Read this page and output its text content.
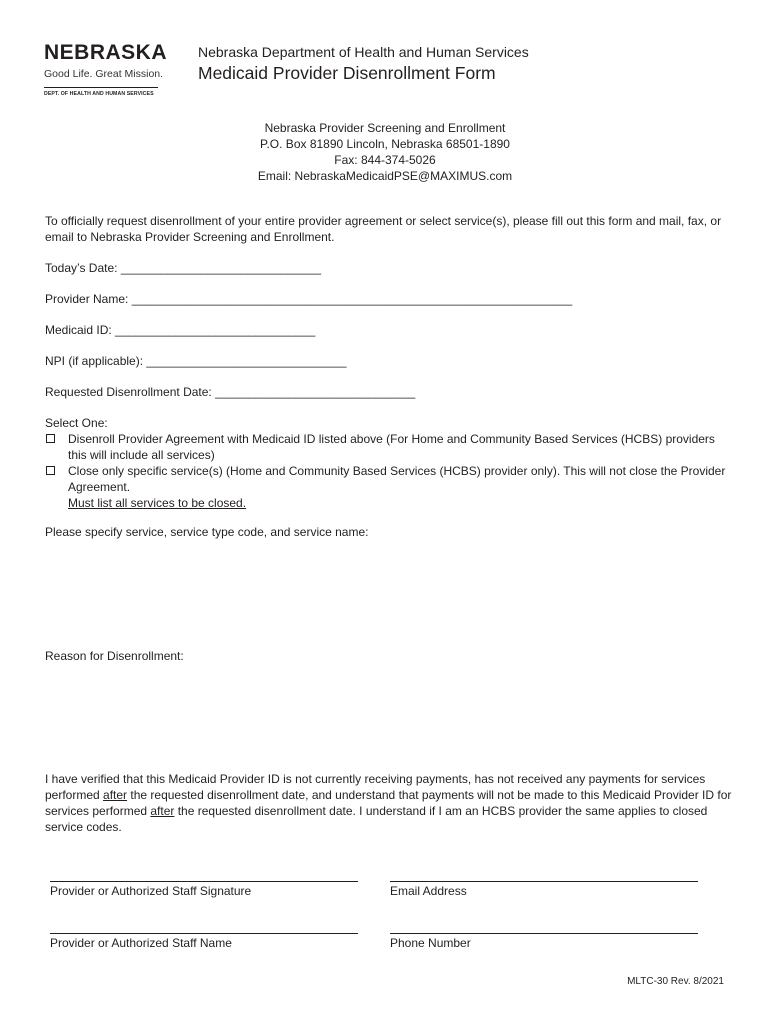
NEBRASKA
Good Life. Great Mission.
DEPT. OF HEALTH AND HUMAN SERVICES
Nebraska Department of Health and Human Services
Medicaid Provider Disenrollment Form
Nebraska Provider Screening and Enrollment
P.O. Box 81890 Lincoln, Nebraska 68501-1890
Fax: 844-374-5026
Email: NebraskaMedicaidPSE@MAXIMUS.com
To officially request disenrollment of your entire provider agreement or select service(s), please fill out this form and mail, fax, or email to Nebraska Provider Screening and Enrollment.
Today’s Date: ______________________________
Provider Name: __________________________________________________________________
Medicaid ID: ______________________________
NPI (if applicable): ______________________________
Requested Disenrollment Date: ______________________________
Select One:
Disenroll Provider Agreement with Medicaid ID listed above (For Home and Community Based Services (HCBS) providers this will include all services)
Close only specific service(s) (Home and Community Based Services (HCBS) provider only). This will not close the Provider Agreement.
Must list all services to be closed.
Please specify service, service type code, and service name:
Reason for Disenrollment:
I have verified that this Medicaid Provider ID is not currently receiving payments, has not received any payments for services performed after the requested disenrollment date, and understand that payments will not be made to this Medicaid Provider ID for services performed after the requested disenrollment date. I understand if I am an HCBS provider the same applies to closed service codes.
Provider or Authorized Staff Signature	Email Address
Provider or Authorized Staff Name	Phone Number
MLTC-30 Rev. 8/2021
